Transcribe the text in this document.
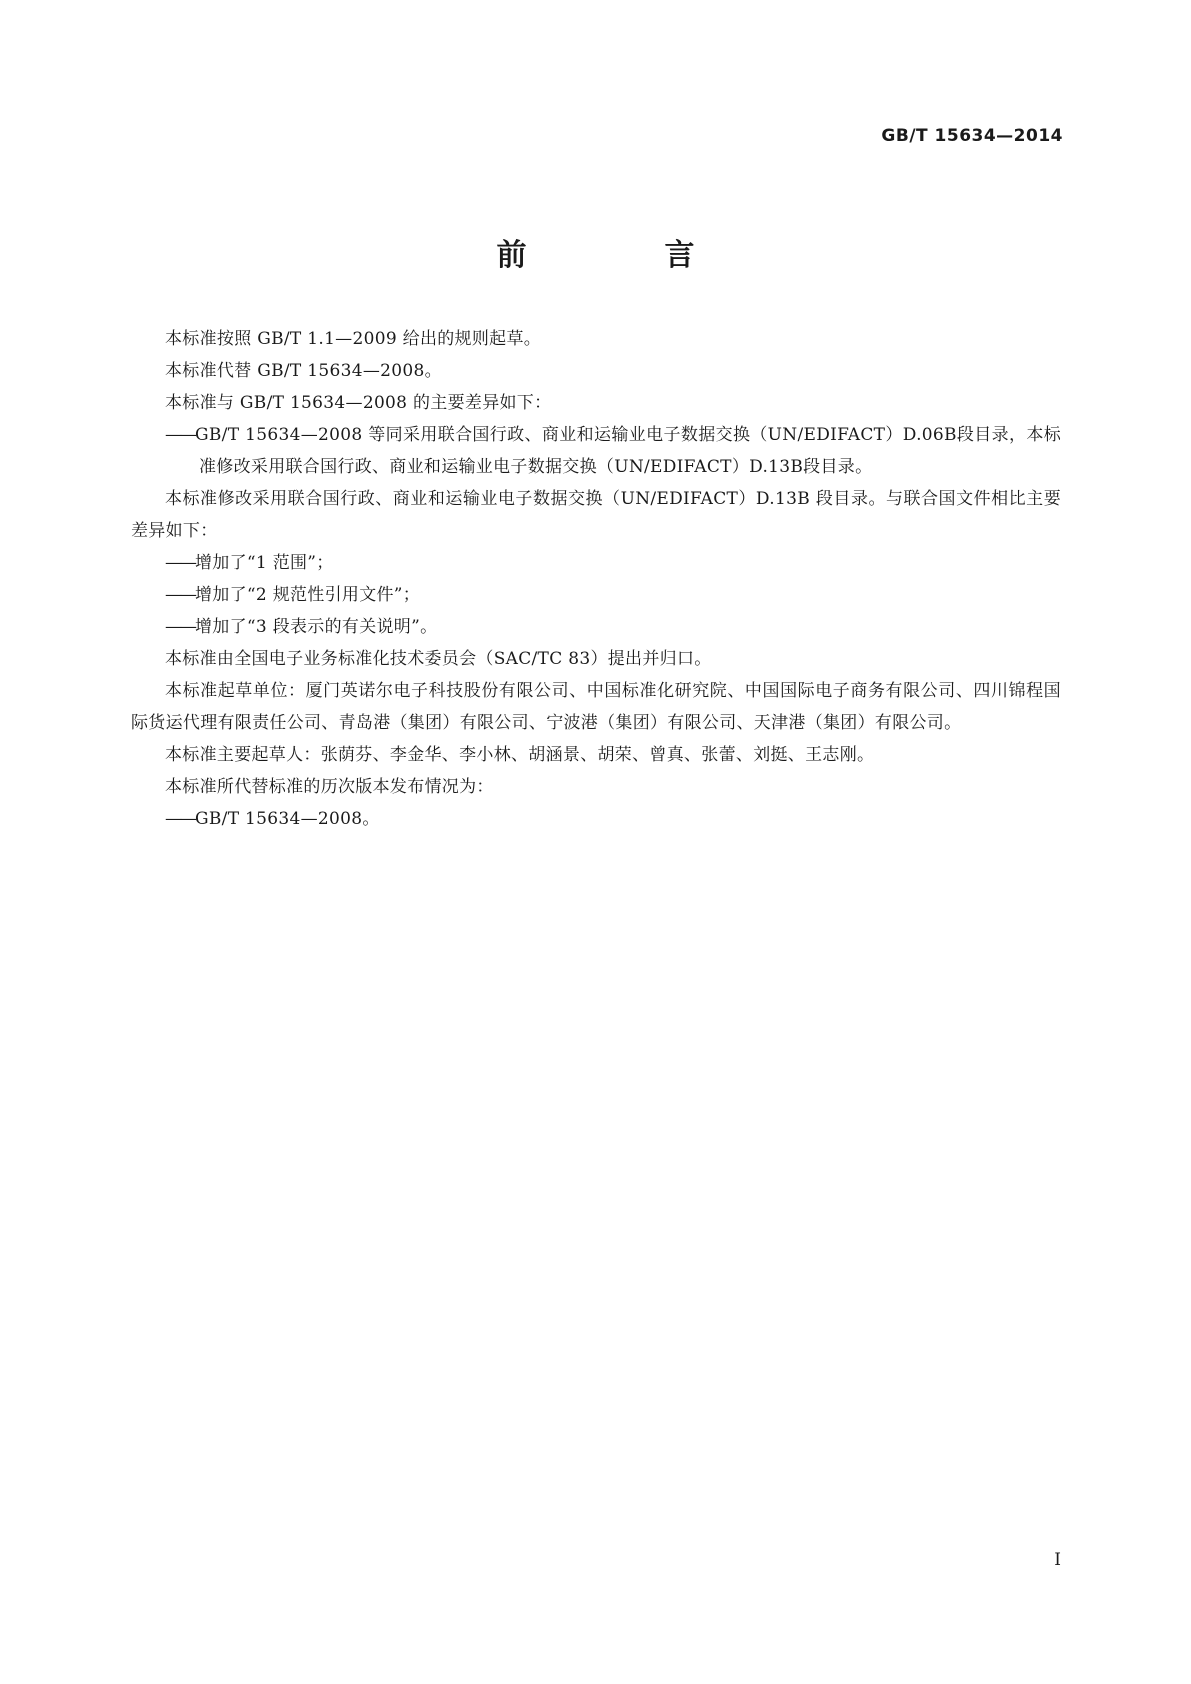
GB/T 15634—2014
前　言

本标准按照 GB/T 1.1—2009 给出的规则起草。

本标准代替 GB/T 15634—2008。

本标准与 GB/T 15634—2008 的主要差异如下：

——GB/T 15634—2008 等同采用联合国行政、商业和运输业电子数据交换（UN/EDIFACT）D.06B段目录，本标准修改采用联合国行政、商业和运输业电子数据交换（UN/EDIFACT）D.13B段目录。

本标准修改采用联合国行政、商业和运输业电子数据交换（UN/EDIFACT）D.13B 段目录。与联合国文件相比主要差异如下：

——增加了“1 范围”；

——增加了“2 规范性引用文件”；

——增加了“3 段表示的有关说明”。

本标准由全国电子业务标准化技术委员会（SAC/TC 83）提出并归口。

本标准起草单位：厦门英诺尔电子科技股份有限公司、中国标准化研究院、中国国际电子商务有限公司、四川锦程国际货运代理有限责任公司、青岛港（集团）有限公司、宁波港（集团）有限公司、天津港（集团）有限公司。

本标准主要起草人：张荫芬、李金华、李小林、胡涵景、胡荣、曾真、张蕾、刘挺、王志刚。

本标准所代替标准的历次版本发布情况为：

——GB/T 15634—2008。

I
